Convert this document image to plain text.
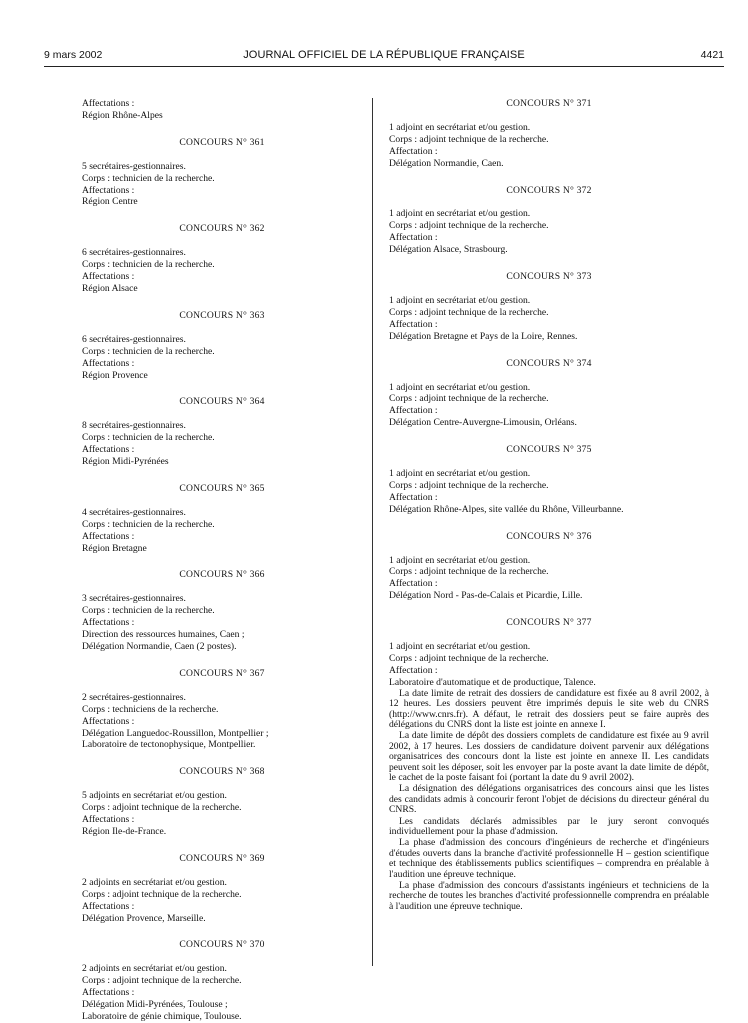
9 mars 2002	JOURNAL OFFICIEL DE LA RÉPUBLIQUE FRANÇAISE	4421
Affectations :
Région Rhône-Alpes
CONCOURS N° 361
5 secrétaires-gestionnaires.
Corps : technicien de la recherche.
Affectations :
Région Centre
CONCOURS N° 362
6 secrétaires-gestionnaires.
Corps : technicien de la recherche.
Affectations :
Région Alsace
CONCOURS N° 363
6 secrétaires-gestionnaires.
Corps : technicien de la recherche.
Affectations :
Région Provence
CONCOURS N° 364
8 secrétaires-gestionnaires.
Corps : technicien de la recherche.
Affectations :
Région Midi-Pyrénées
CONCOURS N° 365
4 secrétaires-gestionnaires.
Corps : technicien de la recherche.
Affectations :
Région Bretagne
CONCOURS N° 366
3 secrétaires-gestionnaires.
Corps : technicien de la recherche.
Affectations :
Direction des ressources humaines, Caen ;
Délégation Normandie, Caen (2 postes).
CONCOURS N° 367
2 secrétaires-gestionnaires.
Corps : techniciens de la recherche.
Affectations :
Délégation Languedoc-Roussillon, Montpellier ;
Laboratoire de tectonophysique, Montpellier.
CONCOURS N° 368
5 adjoints en secrétariat et/ou gestion.
Corps : adjoint technique de la recherche.
Affectations :
Région Ile-de-France.
CONCOURS N° 369
2 adjoints en secrétariat et/ou gestion.
Corps : adjoint technique de la recherche.
Affectations :
Délégation Provence, Marseille.
CONCOURS N° 370
2 adjoints en secrétariat et/ou gestion.
Corps : adjoint technique de la recherche.
Affectations :
Délégation Midi-Pyrénées, Toulouse ;
Laboratoire de génie chimique, Toulouse.
CONCOURS N° 371
1 adjoint en secrétariat et/ou gestion.
Corps : adjoint technique de la recherche.
Affectation :
Délégation Normandie, Caen.
CONCOURS N° 372
1 adjoint en secrétariat et/ou gestion.
Corps : adjoint technique de la recherche.
Affectation :
Délégation Alsace, Strasbourg.
CONCOURS N° 373
1 adjoint en secrétariat et/ou gestion.
Corps : adjoint technique de la recherche.
Affectation :
Délégation Bretagne et Pays de la Loire, Rennes.
CONCOURS N° 374
1 adjoint en secrétariat et/ou gestion.
Corps : adjoint technique de la recherche.
Affectation :
Délégation Centre-Auvergne-Limousin, Orléans.
CONCOURS N° 375
1 adjoint en secrétariat et/ou gestion.
Corps : adjoint technique de la recherche.
Affectation :
Délégation Rhône-Alpes, site vallée du Rhône, Villeurbanne.
CONCOURS N° 376
1 adjoint en secrétariat et/ou gestion.
Corps : adjoint technique de la recherche.
Affectation :
Délégation Nord - Pas-de-Calais et Picardie, Lille.
CONCOURS N° 377
1 adjoint en secrétariat et/ou gestion.
Corps : adjoint technique de la recherche.
Affectation :
Laboratoire d'automatique et de productique, Talence.
La date limite de retrait des dossiers de candidature est fixée au 8 avril 2002, à 12 heures. Les dossiers peuvent être imprimés depuis le site web du CNRS (http://www.cnrs.fr). A défaut, le retrait des dossiers peut se faire auprès des délégations du CNRS dont la liste est jointe en annexe I.
La date limite de dépôt des dossiers complets de candidature est fixée au 9 avril 2002, à 17 heures. Les dossiers de candidature doivent parvenir aux délégations organisatrices des concours dont la liste est jointe en annexe II. Les candidats peuvent soit les déposer, soit les envoyer par la poste avant la date limite de dépôt, le cachet de la poste faisant foi (portant la date du 9 avril 2002).
La désignation des délégations organisatrices des concours ainsi que les listes des candidats admis à concourir feront l'objet de décisions du directeur général du CNRS.
Les candidats déclarés admissibles par le jury seront convoqués individuellement pour la phase d'admission.
La phase d'admission des concours d'ingénieurs de recherche et d'ingénieurs d'études ouverts dans la branche d'activité professionnelle H – gestion scientifique et technique des établissements publics scientifiques – comprendra en préalable à l'audition une épreuve technique.
La phase d'admission des concours d'assistants ingénieurs et techniciens de la recherche de toutes les branches d'activité professionnelle comprendra en préalable à l'audition une épreuve technique.
